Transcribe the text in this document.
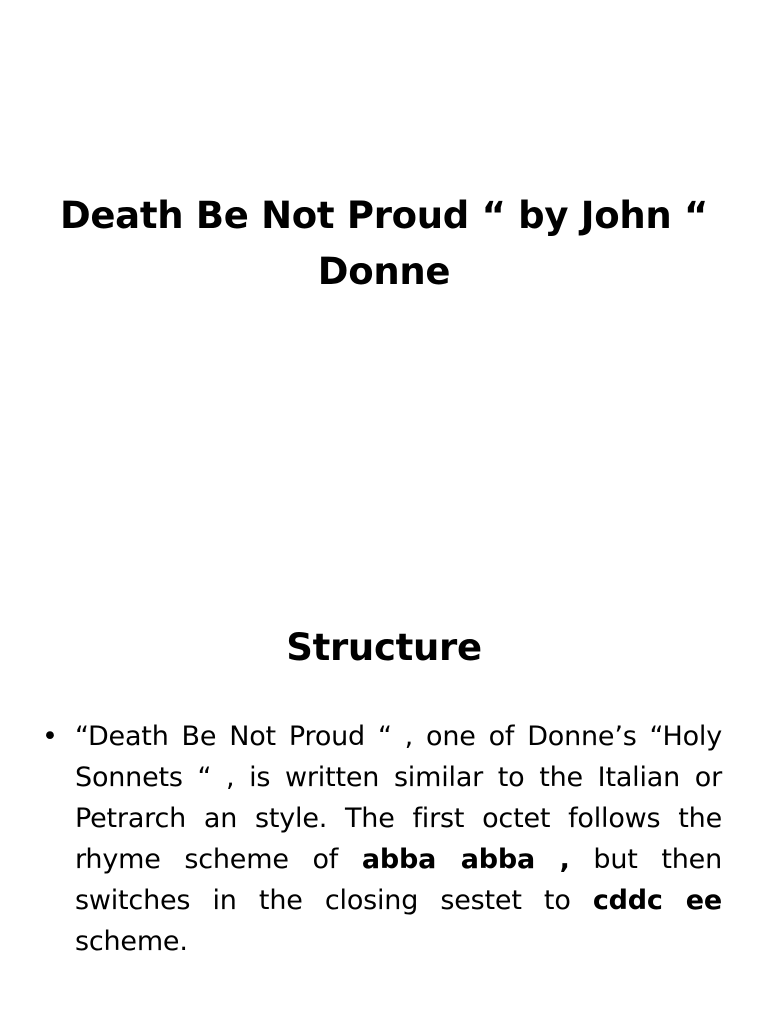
Death Be Not Proud “ by John “ Donne
Structure
• “Death Be Not Proud “ , one of Donne’s “Holy Sonnets “ , is written similar to the Italian or Petrarch an style. The first octet follows the rhyme scheme of abba abba , but then switches in the closing sestet to cddc ee scheme.
